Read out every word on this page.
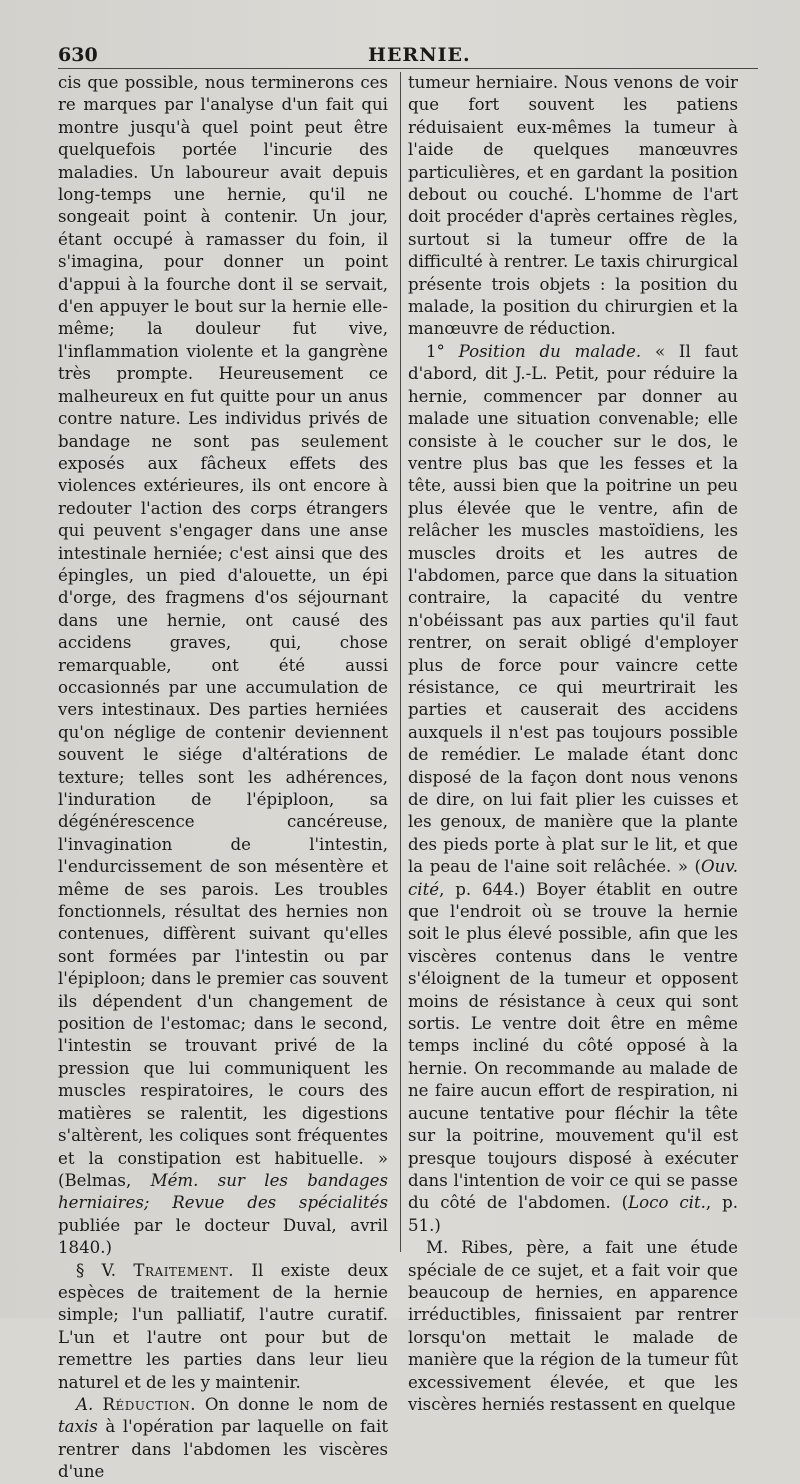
630	HERNIE.

cis que possible, nous terminerons ces re marques par l'analyse d'un fait qui montre jusqu'à quel point peut être quelquefois portée l'incurie des maladies. Un laboureur avait depuis long-temps une hernie, qu'il ne songeait point à contenir. Un jour, étant occupé à ramasser du foin, il s'imagina, pour donner un point d'appui à la fourche dont il se servait, d'en appuyer le bout sur la hernie elle-même; la douleur fut vive, l'inflammation violente et la gangrène très prompte. Heureusement ce malheureux en fut quitte pour un anus contre nature. Les individus privés de bandage ne sont pas seulement exposés aux fâcheux effets des violences extérieures, ils ont encore à redouter l'action des corps étrangers qui peuvent s'engager dans une anse intestinale herniée; c'est ainsi que des épingles, un pied d'alouette, un épi d'orge, des fragmens d'os séjournant dans une hernie, ont causé des accidens graves, qui, chose remarquable, ont été aussi occasionnés par une accumulation de vers intestinaux. Des parties herniées qu'on néglige de contenir deviennent souvent le siége d'altérations de texture; telles sont les adhérences, l'induration de l'épiploon, sa dégénérescence cancéreuse, l'invagination de l'intestin, l'endurcissement de son mésentère et même de ses parois. Les troubles fonctionnels, résultat des hernies non contenues, diffèrent suivant qu'elles sont formées par l'intestin ou par l'épiploon; dans le premier cas souvent ils dépendent d'un changement de position de l'estomac; dans le second, l'intestin se trouvant privé de la pression que lui communiquent les muscles respiratoires, le cours des matières se ralentit, les digestions s'altèrent, les coliques sont fréquentes et la constipation est habituelle. » (Belmas, Mém. sur les bandages herniaires; Revue des spécialités publiée par le docteur Duval, avril 1840.)

§ V. Traitement. Il existe deux espèces de traitement de la hernie simple; l'un palliatif, l'autre curatif. L'un et l'autre ont pour but de remettre les parties dans leur lieu naturel et de les y maintenir.

A. Réduction. On donne le nom de taxis à l'opération par laquelle on fait rentrer dans l'abdomen les viscères d'une

tumeur herniaire. Nous venons de voir que fort souvent les patiens réduisaient eux-mêmes la tumeur à l'aide de quelques manœuvres particulières, et en gardant la position debout ou couché. L'homme de l'art doit procéder d'après certaines règles, surtout si la tumeur offre de la difficulté à rentrer. Le taxis chirurgical présente trois objets : la position du malade, la position du chirurgien et la manœuvre de réduction.

1° Position du malade. « Il faut d'abord, dit J.-L. Petit, pour réduire la hernie, commencer par donner au malade une situation convenable; elle consiste à le coucher sur le dos, le ventre plus bas que les fesses et la tête, aussi bien que la poitrine un peu plus élevée que le ventre, afin de relâcher les muscles mastoïdiens, les muscles droits et les autres de l'abdomen, parce que dans la situation contraire, la capacité du ventre n'obéissant pas aux parties qu'il faut rentrer, on serait obligé d'employer plus de force pour vaincre cette résistance, ce qui meurtrirait les parties et causerait des accidens auxquels il n'est pas toujours possible de remédier. Le malade étant donc disposé de la façon dont nous venons de dire, on lui fait plier les cuisses et les genoux, de manière que la plante des pieds porte à plat sur le lit, et que la peau de l'aine soit relâchée. » (Ouv. cité, p. 644.) Boyer établit en outre que l'endroit où se trouve la hernie soit le plus élevé possible, afin que les viscères contenus dans le ventre s'éloignent de la tumeur et opposent moins de résistance à ceux qui sont sortis. Le ventre doit être en même temps incliné du côté opposé à la hernie. On recommande au malade de ne faire aucun effort de respiration, ni aucune tentative pour fléchir la tête sur la poitrine, mouvement qu'il est presque toujours disposé à exécuter dans l'intention de voir ce qui se passe du côté de l'abdomen. (Loco cit., p. 51.)

M. Ribes, père, a fait une étude spéciale de ce sujet, et a fait voir que beaucoup de hernies, en apparence irréductibles, finissaient par rentrer lorsqu'on mettait le malade de manière que la région de la tumeur fût excessivement élevée, et que les viscères herniés restassent en quelque
